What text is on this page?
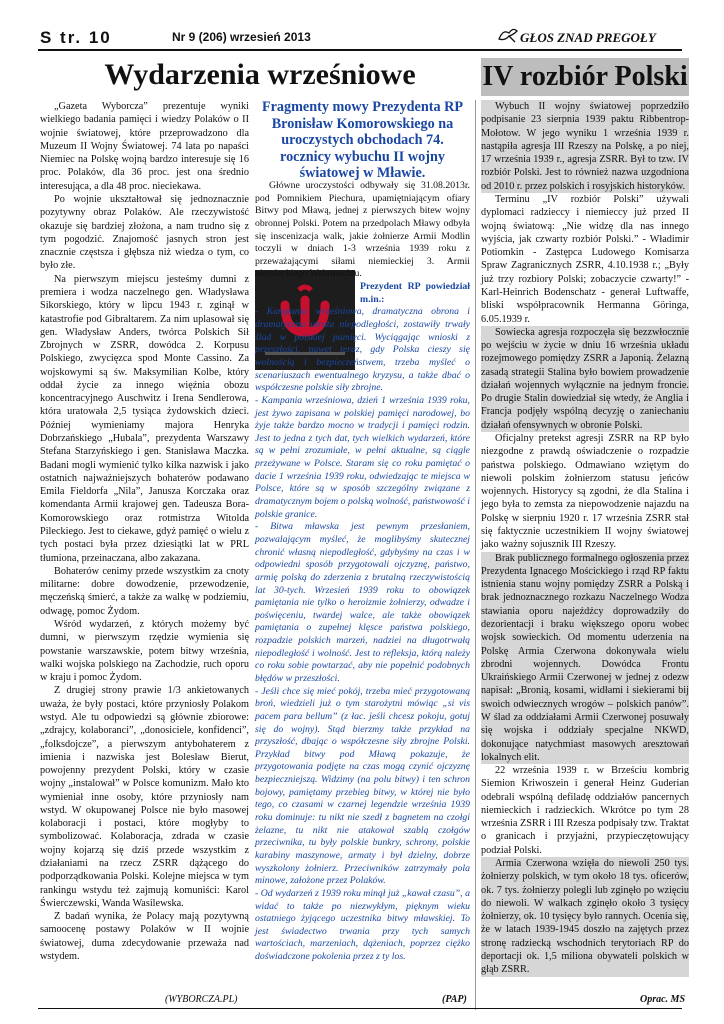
S tr. 10	Nr 9 (206) wrzesień 2013	GŁOS ZNAD PREGOŁY
Wydarzenia wrześniowe	IV rozbiór Polski

„Gazeta Wyborcza” prezentuje wyniki wielkiego badania pamięci i wiedzy Polaków o II wojnie światowej, które przeprowadzono dla Muzeum II Wojny Światowej. 74 lata po napaści Niemiec na Polskę wojną bardzo interesuje się 16 proc. Polaków, dla 36 proc. jest ona średnio interesująca, a dla 48 proc. nieciekawa.

Po wojnie ukształtował się jednoznacznie pozytywny obraz Polaków. Ale rzeczywistość okazuje się bardziej złożona, a nam trudno się z tym pogodzić. Znajomość jasnych stron jest znacznie częstsza i głębsza niż wiedza o tym, co było złe.

Na pierwszym miejscu jesteśmy dumni z premiera i wodza naczelnego gen. Władysława Sikorskiego, który w lipcu 1943 r. zginął w katastrofie pod Gibraltarem. Za nim uplasował się gen. Władysław Anders, twórca Polskich Sił Zbrojnych w ZSRR, dowódca 2. Korpusu Polskiego, zwycięzca spod Monte Cassino. Za wojskowymi są św. Maksymilian Kolbe, który oddał życie za innego więźnia obozu koncentracyjnego Auschwitz i Irena Sendlerowa, która uratowała 2,5 tysiąca żydowskich dzieci. Później wymieniamy majora Henryka Dobrzańskiego „Hubala”, prezydenta Warszawy Stefana Starzyńskiego i gen. Stanisława Maczka. Badani mogli wymienić tylko kilka nazwisk i jako ostatnich najważniejszych bohaterów podawano Emila Fieldorfa „Nila”, Janusza Korczaka oraz komendanta Armii krajowej gen. Tadeusza Bora-Komorowskiego oraz rotmistrza Witolda Pileckiego. Jest to ciekawe, gdyż pamięć o wielu z tych postaci była przez dziesiątki lat w PRL tłumiona, przeinaczana, albo zakazana.

Bohaterów cenimy przede wszystkim za cnoty militarne: dobre dowodzenie, przewodzenie, męczeńską śmierć, a także za walkę w podziemiu, odwagę, pomoc Żydom.

Wśród wydarzeń, z których możemy być dumni, w pierwszym rzędzie wymienia się powstanie warszawskie, potem bitwy września, walki wojska polskiego na Zachodzie, ruch oporu w kraju i pomoc Żydom.

Z drugiej strony prawie 1/3 ankietowanych uważa, że były postaci, które przyniosły Polakom wstyd. Ale tu odpowiedzi są głównie zbiorowe: „zdrajcy, kolaboranci”, „donosiciele, konfidenci”, „folksdojcze”, a pierwszym antybohaterem z imienia i nazwiska jest Bolesław Bierut, powojenny prezydent Polski, który w czasie wojny „instalował” w Polsce komunizm. Mało kto wymieniał inne osoby, które przyniosły nam wstyd. W okupowanej Polsce nie było masowej kolaboracji i postaci, które mogłyby to symbolizować. Kolaboracja, zdrada w czasie wojny kojarzą się dziś przede wszystkim z działaniami na rzecz ZSRR dążącego do podporządkowania Polski. Kolejne miejsca w tym rankingu wstydu też zajmują komuniści: Karol Świerczewski, Wanda Wasilewska.

Z badań wynika, że Polacy mają pozytywną samoocenę postawy Polaków w II wojnie światowej, duma zdecydowanie przeważa nad wstydem.

(WYBORCZA.PL)
Fragmenty mowy Prezydenta RP Bronisław Komorowskiego na uroczystych obchodach 74. rocznicy wybuchu II wojny światowej w Mławie.

Główne uroczystości odbywały się 31.08.2013r. pod Pomnikiem Piechura, upamiętniającym ofiary Bitwy pod Mławą, jednej z pierwszych bitew wojny obronnej Polski. Potem na przedpolach Mławy odbyła się inscenizacja walk, jakie żołnierze Armii Modlin toczyli w dniach 1-3 września 1939 roku z przeważającymi siłami niemieckiej 3. Armii niemieckiego Wehrmachtu.

Prezydent RP powiedział m.in.:

- Kampania wrześniowa, dramatyczna obrona i dramatyczna utrata niepodległości, zostawiły trwały ślad w polskiej pamięci. Wyciągając wnioski z przeszłości, nawet teraz, gdy Polska cieszy się wolnością i bezpieczeństwem, trzeba myśleć o scenariuszach ewentualnego kryzysu, a także dbać o współczesne polskie siły zbrojne.

- Kampania wrześniowa, dzień 1 września 1939 roku, jest żywo zapisana w polskiej pamięci narodowej, bo żyje także bardzo mocno w tradycji i pamięci rodzin. Jest to jedna z tych dat, tych wielkich wydarzeń, które są w pełni zrozumiałe, w pełni aktualne, są ciągle przeżywane w Polsce. Staram się co roku pamiętać o dacie 1 września 1939 roku, odwiedzając te miejsca w Polsce, które są w sposób szczególny związane z dramatycznym bojem o polską wolność, państwowość i polskie granice.

- Bitwa mławska jest pewnym przesłaniem, pozwalającym myśleć, że moglibyśmy skutecznej chronić własną niepodległość, gdybyśmy na czas i w odpowiedni sposób przygotowali ojczyznę, państwo, armię polską do zderzenia z brutalną rzeczywistością lat 30-tych. Wrzesień 1939 roku to obowiązek pamiętania nie tylko o heroizmie żołnierzy, odwadze i poświęceniu, twardej walce, ale także obowiązek pamiętania o zupełnej klęsce państwa polskiego, rozpadzie polskich marzeń, nadziei na długotrwałą niepodległość i wolność. Jest to refleksja, którą należy co roku sobie powtarzać, aby nie popełnić podobnych błędów w przeszłości.

- Jeśli chce się mieć pokój, trzeba mieć przygotowaną broń, wiedzieli już o tym starożytni mówiąc „si vis pacem para bellum” (z łac. jeśli chcesz pokoju, gotuj się do wojny). Stąd bierzmy także przykład na przyszłość, dbając o współczesne siły zbrojne Polski. Przykład bitwy pod Mławą pokazuje, że przygotowania podjęte na czas mogą czynić ojczyznę bezpieczniejszą. Widzimy (na polu bitwy) i ten schron bojowy, pamiętamy przebieg bitwy, w której nie było tego, co czasami w czarnej legendzie września 1939 roku dominuje: tu nikt nie szedł z bagnetem na czołgi żelazne, tu nikt nie atakował szablą czołgów przeciwnika, tu były polskie bunkry, schrony, polskie karabiny maszynowe, armaty i był dzielny, dobrze wyszkolony żołnierz. Przeciwników zatrzymały pola minowe, założone przez Polaków.

- Od wydarzeń z 1939 roku minął już „kawał czasu”, a widać to także po niezwykłym, pięknym wieku ostatniego żyjącego uczestnika bitwy mławskiej. To jest świadectwo trwania przy tych samych wartościach, marzeniach, dążeniach, poprzez ciężko doświadczone pokolenia przez z ty los.

(PAP)

Wybuch II wojny światowej poprzedziło podpisanie 23 sierpnia 1939 paktu Ribbentrop-Mołotow. W jego wyniku 1 września 1939 r. nastąpiła agresja III Rzeszy na Polskę, a po niej, 17 września 1939 r., agresja ZSRR. Był to tzw. IV rozbiór Polski. Jest to również nazwa uzgodniona od 2010 r. przez polskich i rosyjskich historyków.

Terminu „IV rozbiór Polski” używali dyplomaci radzieccy i niemieccy już przed II wojną światową: „Nie widzę dla nas innego wyjścia, jak czwarty rozbiór Polski.” - Władimir Potiomkin - Zastępca Ludowego Komisarza Spraw Zagranicznych ZSRR, 4.10.1938 r.; „Były już trzy rozbiory Polski; zobaczycie czwarty!” - Karl-Heinrich Bodenschatz - generał Luftwaffe, bliski współpracownik Hermanna Göringa, 6.05.1939 r.

Sowiecka agresja rozpoczęła się bezzwłocznie po wejściu w życie w dniu 16 września układu rozejmowego pomiędzy ZSRR a Japonią. Żelazną zasadą strategii Stalina było bowiem prowadzenie działań wojennych wyłącznie na jednym froncie. Po drugie Stalin dowiedział się wtedy, że Anglia i Francja podjęły wspólną decyzję o zaniechaniu działań ofensywnych w obronie Polski.

Oficjalny pretekst agresji ZSRR na RP było niezgodne z prawdą oświadczenie o rozpadzie państwa polskiego. Odmawiano wziętym do niewoli polskim żołnierzom statusu jeńców wojennych. Historycy są zgodni, że dla Stalina i jego była to zemsta za niepowodzenie najazdu na Polskę w sierpniu 1920 r. 17 września ZSRR stał się faktycznie uczestnikiem II wojny światowej jako ważny sojusznik III Rzeszy.

Brak publicznego formalnego ogłoszenia przez Prezydenta Ignacego Mościckiego i rząd RP faktu istnienia stanu wojny pomiędzy ZSRR a Polską i brak jednoznacznego rozkazu Naczelnego Wodza stawiania oporu najeźdźcy doprowadziły do dezorientacji i braku większego oporu wobec wojsk sowieckich. Od momentu uderzenia na Polskę Armia Czerwona dokonywała wielu zbrodni wojennych. Dowódca Frontu Ukraińskiego Armii Czerwonej w jednej z odezw napisał: „Bronią, kosami, widłami i siekierami bij swoich odwiecznych wrogów – polskich panów”. W ślad za oddziałami Armii Czerwonej posuwały się wojska i oddziały specjalne NKWD, dokonujące natychmiast masowych aresztowań lokalnych elit.

22 września 1939 r. w Brześciu kombrig Siemion Kriwoszein i generał Heinz Guderian odebrali wspólną defiladę oddziałów pancernych niemieckich i radzieckich. Wkrótce po tym 28 września ZSRR i III Rzesza podpisały tzw. Traktat o granicach i przyjaźni, przypieczętowujący podział Polski.

Armia Czerwona wzięła do niewoli 250 tys. żołnierzy polskich, w tym około 18 tys. oficerów, ok. 7 tys. żołnierzy polegli lub zginęło po wzięciu do niewoli. W walkach zginęło około 3 tysięcy żołnierzy, ok. 10 tysięcy było rannych. Ocenia się, że w latach 1939-1945 doszło na zajętych przez stronę radziecką wschodnich terytoriach RP do deportacji ok. 1,5 miliona obywateli polskich w głąb ZSRR.

Oprac. MS
